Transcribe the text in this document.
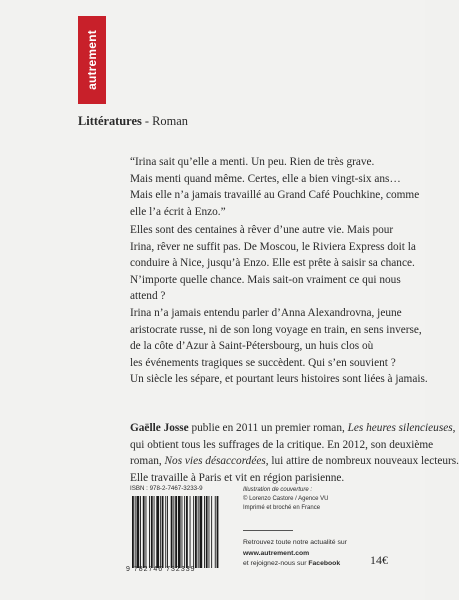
autrement
Littératures - Roman

“Irina sait qu’elle a menti. Un peu. Rien de très grave.

Mais menti quand même. Certes, elle a bien vingt-six ans…

Mais elle n’a jamais travaillé au Grand Café Pouchkine, comme

elle l’a écrit à Enzo.”

Elles sont des centaines à rêver d’une autre vie. Mais pour

Irina, rêver ne suffit pas. De Moscou, le Riviera Express doit la

conduire à Nice, jusqu’à Enzo. Elle est prête à saisir sa chance.

N’importe quelle chance. Mais sait-on vraiment ce qui nous

attend ?

Irina n’a jamais entendu parler d’Anna Alexandrovna, jeune

aristocrate russe, ni de son long voyage en train, en sens inverse,

de la côte d’Azur à Saint-Pétersbourg, un huis clos où

les événements tragiques se succèdent. Qui s’en souvient ?

Un siècle les sépare, et pourtant leurs histoires sont liées à jamais.

Gaëlle Josse publie en 2011 un premier roman, Les heures silencieuses,

qui obtient tous les suffrages de la critique. En 2012, son deuxième

roman, Nos vies désaccordées, lui attire de nombreux nouveaux lecteurs.

Elle travaille à Paris et vit en région parisienne.

ISBN : 978-2-7467-3233-9
9 782746 732339

Illustration de couverture :

© Lorenzo Castore / Agence VU

Imprimé et broché en France

Retrouvez toute notre actualité sur

www.autrement.com

et rejoignez-nous sur Facebook	14€
